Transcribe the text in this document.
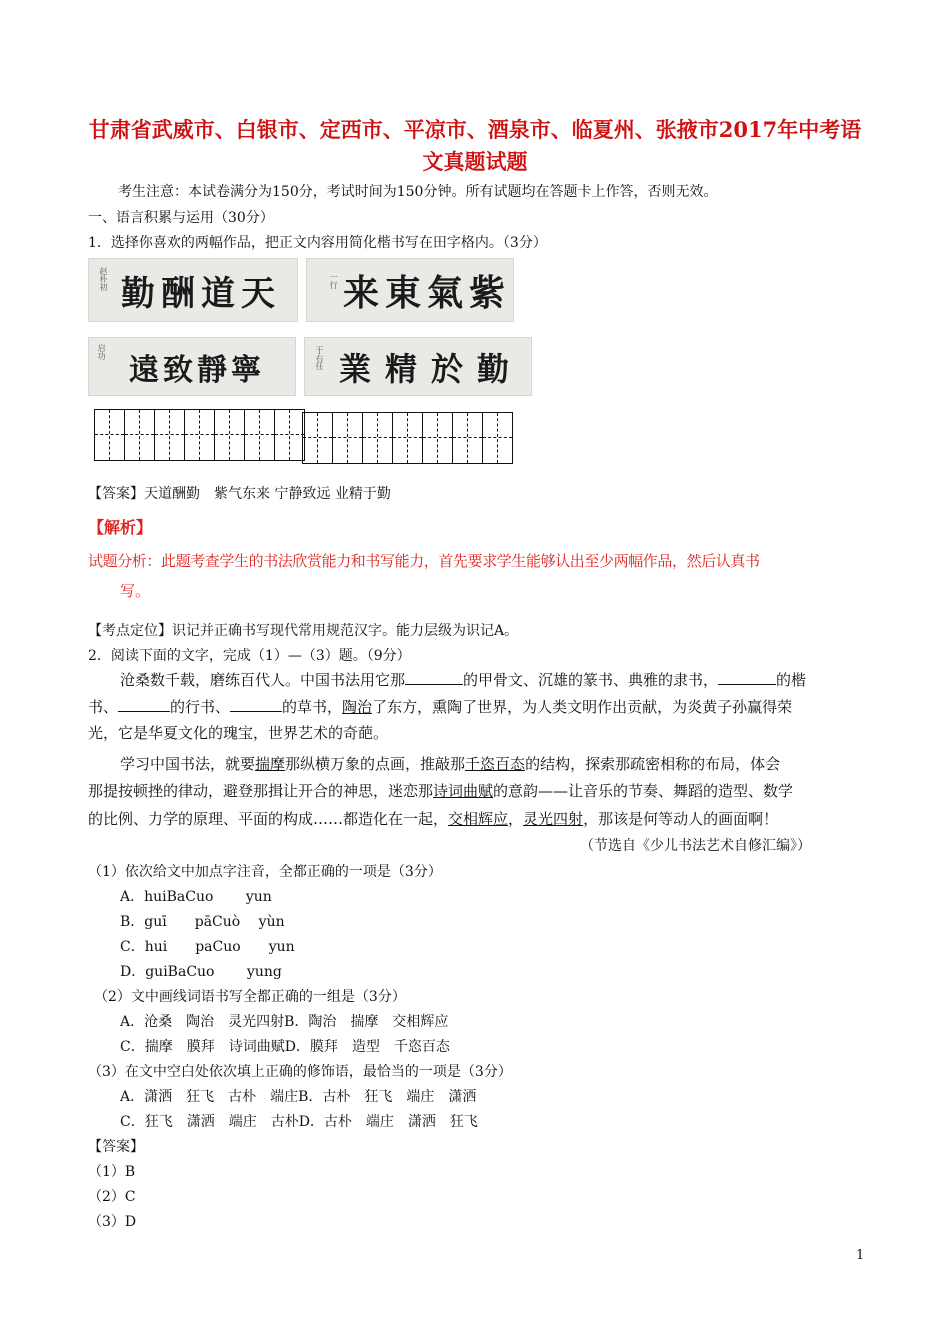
甘肃省武威市、白银市、定西市、平凉市、酒泉市、临夏州、张掖市2017年中考语
文真题试题
考生注意：本试卷满分为150分，考试时间为150分钟。所有试题均在答题卡上作答，否则无效。
一、语言积累与运用（30分）
1．选择你喜欢的两幅作品，把正文内容用简化楷书写在田字格内。（3分）
赵朴初 勤酬道天	一行 来東氣紫
启功
遠致靜寧	于右任 業精於勤
【答案】天道酬勤　紫气东来 宁静致远 业精于勤
【解析】
试题分析：此题考查学生的书法欣赏能力和书写能力，首先要求学生能够认出至少两幅作品，然后认真书
写。
【考点定位】识记并正确书写现代常用规范汉字。能力层级为识记A。
2．阅读下面的文字，完成（1）—（3）题。（9分）
沧桑数千载，磨练百代人。中国书法用它那	的甲骨文、沉雄的篆书、典雅的隶书，	的楷
书、	的行书、	的草书，陶治了东方，熏陶了世界，为人类文明作出贡献，为炎黄子孙赢得荣
光，它是华夏文化的瑰宝，世界艺术的奇葩。
学习中国书法，就要揣摩那纵横万象的点画，推敲那千恣百态的结构，探索那疏密相称的布局，体会
那提按顿挫的律动，避登那揖让开合的神思，迷恋那诗词曲赋的意韵——让音乐的节奏、舞蹈的造型、数学
的比例、力学的原理、平面的构成……都造化在一起，交相辉应，灵光四射，那该是何等动人的画面啊！
（节选自《少儿书法艺术自修汇编》）
（1）依次给文中加点字注音，全都正确的一项是（3分）
A．huiBaCuo　　 yun
B．guī　　pāCuò　 yùn
C．hui　　paCuo　　yun
D．guiBaCuo　　 yung
（2）文中画线词语书写全都正确的一组是（3分）
A．沧桑　陶治　灵光四射B．陶治　揣摩　交相辉应
C．揣摩　膜拜　诗词曲赋D．膜拜　造型　千恣百态
（3）在文中空白处依次填上正确的修饰语，最恰当的一项是（3分）
A．潇洒　狂飞　古朴　端庄B．古朴　狂飞　端庄　潇洒
C．狂飞　潇洒　端庄　古朴D．古朴　端庄　潇洒　狂飞
【答案】
（1）B
（2）C
（3）D
1
